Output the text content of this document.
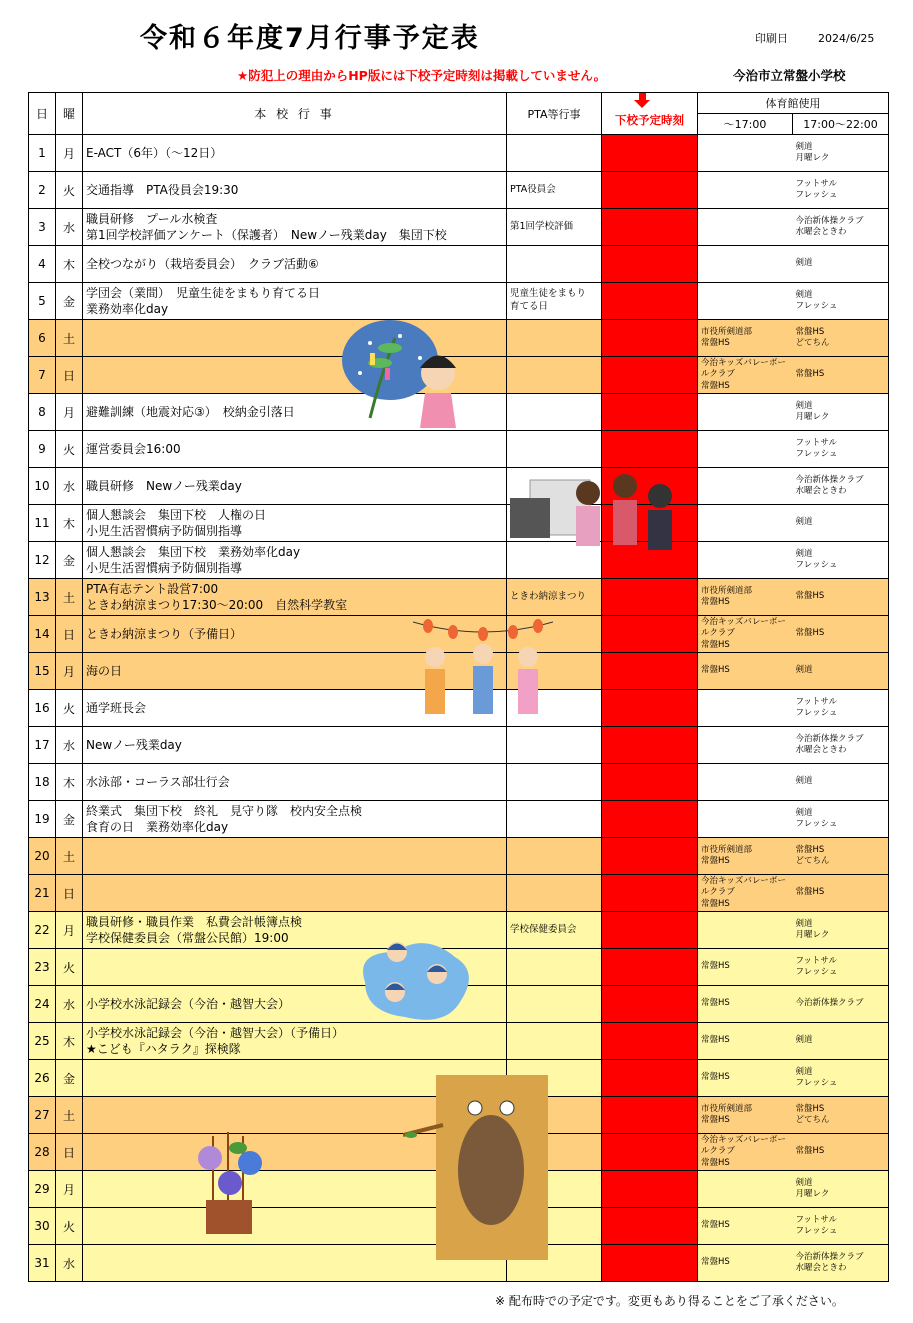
令和６年度7月行事予定表	印刷日	2024/6/25
★防犯上の理由からHP版には下校予定時刻は掲載していません。	今治市立常盤小学校
日	曜	本 校 行 事	PTA等行事	下校予定時刻	体育館使用	
					～17:00	17:00～22:00
1	月	E-ACT（6年）（～12日）				剣道
月曜レク
2	火	交通指導　PTA役員会19:30	PTA役員会			フットサル
フレッシュ
3	水	職員研修　プール水検査
第1回学校評価アンケート（保護者）　Newノー残業day　集団下校	第1回学校評価			今治新体操クラブ
水曜会ときわ
4	木	全校つながり（栽培委員会）　クラブ活動⑥				剣道
5	金	学団会（業間）　児童生徒をまもり育てる日
業務効率化day	児童生徒をまもり
育てる日			剣道
フレッシュ
6	土				市役所剣道部
常盤HS	常盤HS
どてちん
7	日				今治キッズバレーボー
ルクラブ
常盤HS	常盤HS
8	月	避難訓練（地震対応③）　校納金引落日				剣道
月曜レク
9	火	運営委員会16:00				フットサル
フレッシュ
10	水	職員研修　Newノー残業day				今治新体操クラブ
水曜会ときわ
11	木	個人懇談会　集団下校　人権の日
小児生活習慣病予防個別指導				剣道
12	金	個人懇談会　集団下校　業務効率化day
小児生活習慣病予防個別指導				剣道
フレッシュ
13	土	PTA有志テント設営7:00
ときわ納涼まつり17:30～20:00　自然科学教室	ときわ納涼まつり		市役所剣道部
常盤HS	常盤HS
14	日	ときわ納涼まつり（予備日）			今治キッズバレーボー
ルクラブ
常盤HS	常盤HS
15	月	海の日			常盤HS	剣道
16	火	通学班長会				フットサル
フレッシュ
17	水	Newノー残業day				今治新体操クラブ
水曜会ときわ
18	木	水泳部・コーラス部壮行会				剣道
19	金	終業式　集団下校　終礼　見守り隊　校内安全点検
食育の日　業務効率化day				剣道
フレッシュ
20	土				市役所剣道部
常盤HS	常盤HS
どてちん
21	日				今治キッズバレーボー
ルクラブ
常盤HS	常盤HS
22	月	職員研修・職員作業　私費会計帳簿点検
学校保健委員会（常盤公民館）19:00	学校保健委員会			剣道
月曜レク
23	火				常盤HS	フットサル
フレッシュ
24	水	小学校水泳記録会（今治・越智大会）			常盤HS	今治新体操クラブ
25	木	小学校水泳記録会（今治・越智大会）（予備日）
★こども『ハタラク』探検隊			常盤HS	剣道
26	金				常盤HS	剣道
フレッシュ
27	土				市役所剣道部
常盤HS	常盤HS
どてちん
28	日				今治キッズバレーボー
ルクラブ
常盤HS	常盤HS
29	月					剣道
月曜レク
30	火				常盤HS	フットサル
フレッシュ
31	水				常盤HS	今治新体操クラブ
水曜会ときわ
※ 配布時での予定です。変更もあり得ることをご了承ください。
